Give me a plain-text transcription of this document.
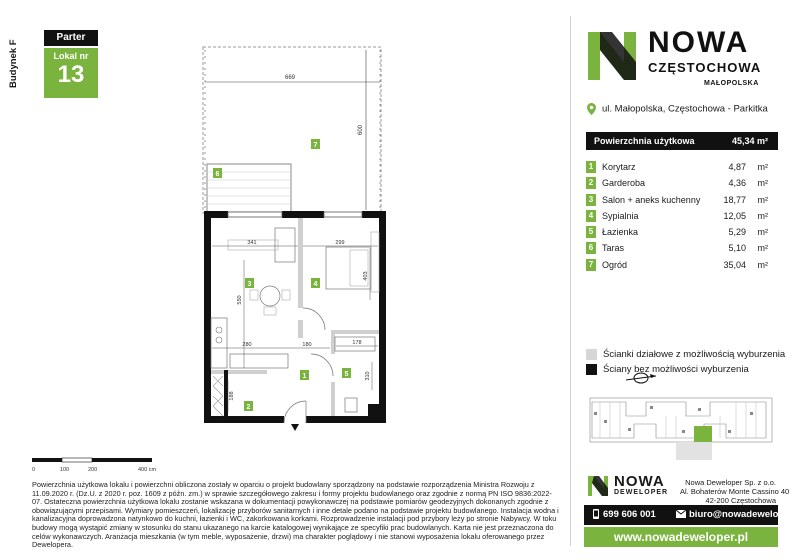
Parter
Lokal nr
13
Budynek F	669
600
341	299
550
403
280	180	178
310
188
1
2
3	4
5
6
7
0	100	200	400 cm
Powierzchnia użytkowa lokalu i powierzchni obliczona zostały w oparciu o projekt budowlany sporządzony na podstawie rozporządzenia Ministra Rozwoju z 11.09.2020 r. (Dz.U. z 2020 r. poz. 1609 z późn. zm.) w sprawie szczegółowego zakresu i formy projektu budowlanego oraz zgodnie z normą PN ISO 9836:2022-07. Ostateczna powierzchnia użytkowa lokalu zostanie wskazana w dokumentacji powykonawczej na podstawie pomiarów geodezyjnych dokonanych zgodnie z obowiązującymi przepisami. Wymiary pomieszczeń, lokalizację przyborów sanitarnych i inne detale podano na podstawie projektu budowlanego. Instalacja wodna i kanalizacyjna doprowadzona natynkowo do kuchni, łazienki i WC, zakorkowana korkami. Rozprowadzenie instalacji pod przybory leży po stronie Nabywcy. W toku budowy mogą wystąpić zmiany w stosunku do stanu ukazanego na karcie katalogowej wynikające ze specyfiki prac budowlanych. Karta nie jest przeznaczona do celów wykonawczych. Aranżacja mieszkania (w tym meble, wyposażenie, drzwi) ma charakter poglądowy i nie stanowi wyposażenia lokalu oferowanego przez Dewelopera.
NOWA
CZĘSTOCHOWA
MAŁOPOLSKA
ul. Małopolska, Częstochowa - Parkitka
Powierzchnia użytkowa	45,34 m²
1 Korytarz	4,87 m²
2 Garderoba	4,36 m²
3 Salon + aneks kuchenny	18,77 m²
4 Sypialnia	12,05 m²
5 Łazienka	5,29 m²
6 Taras	5,10 m²
7 Ogród	35,04 m²
Ścianki działowe z możliwością wyburzenia
Ściany bez możliwości wyburzenia
NOWA
DEWELOPER
Nowa Deweloper Sp. z o.o.
Al. Bohaterów Monte Cassino 40
42-200 Częstochowa
699 606 001	biuro@nowadeweloper.pl
www.nowadeweloper.pl
